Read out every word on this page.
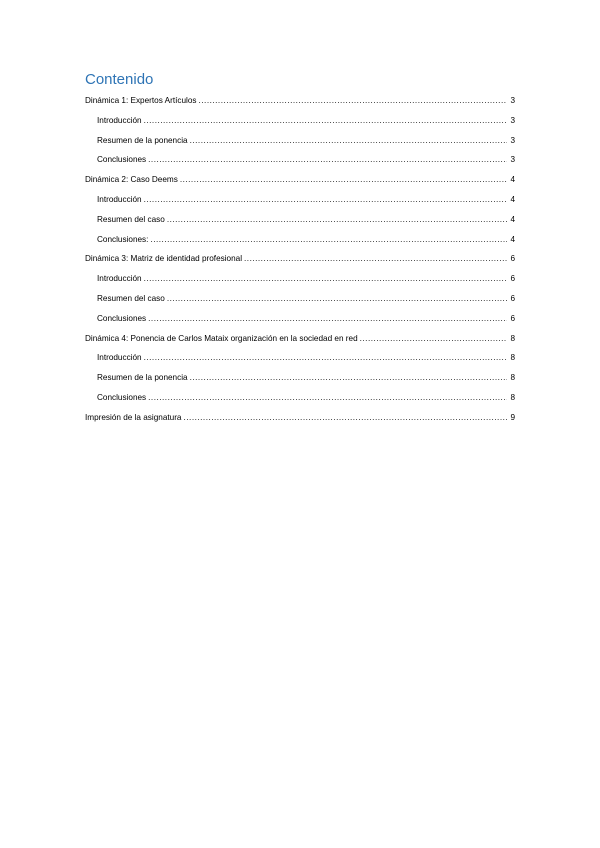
Contenido
Dinámica 1: Expertos Artículos .....	3
Introducción .....	3
Resumen de la ponencia .....	3
Conclusiones .....	3
Dinámica 2: Caso Deems .....	4
Introducción .....	4
Resumen del caso .....	4
Conclusiones: .....	4
Dinámica 3: Matriz de identidad profesional .....	6
Introducción .....	6
Resumen del caso .....	6
Conclusiones .....	6
Dinámica 4: Ponencia de Carlos Mataix organización en la sociedad en red .....	8
Introducción .....	8
Resumen de la ponencia .....	8
Conclusiones .....	8
Impresión de la asignatura .....	9
